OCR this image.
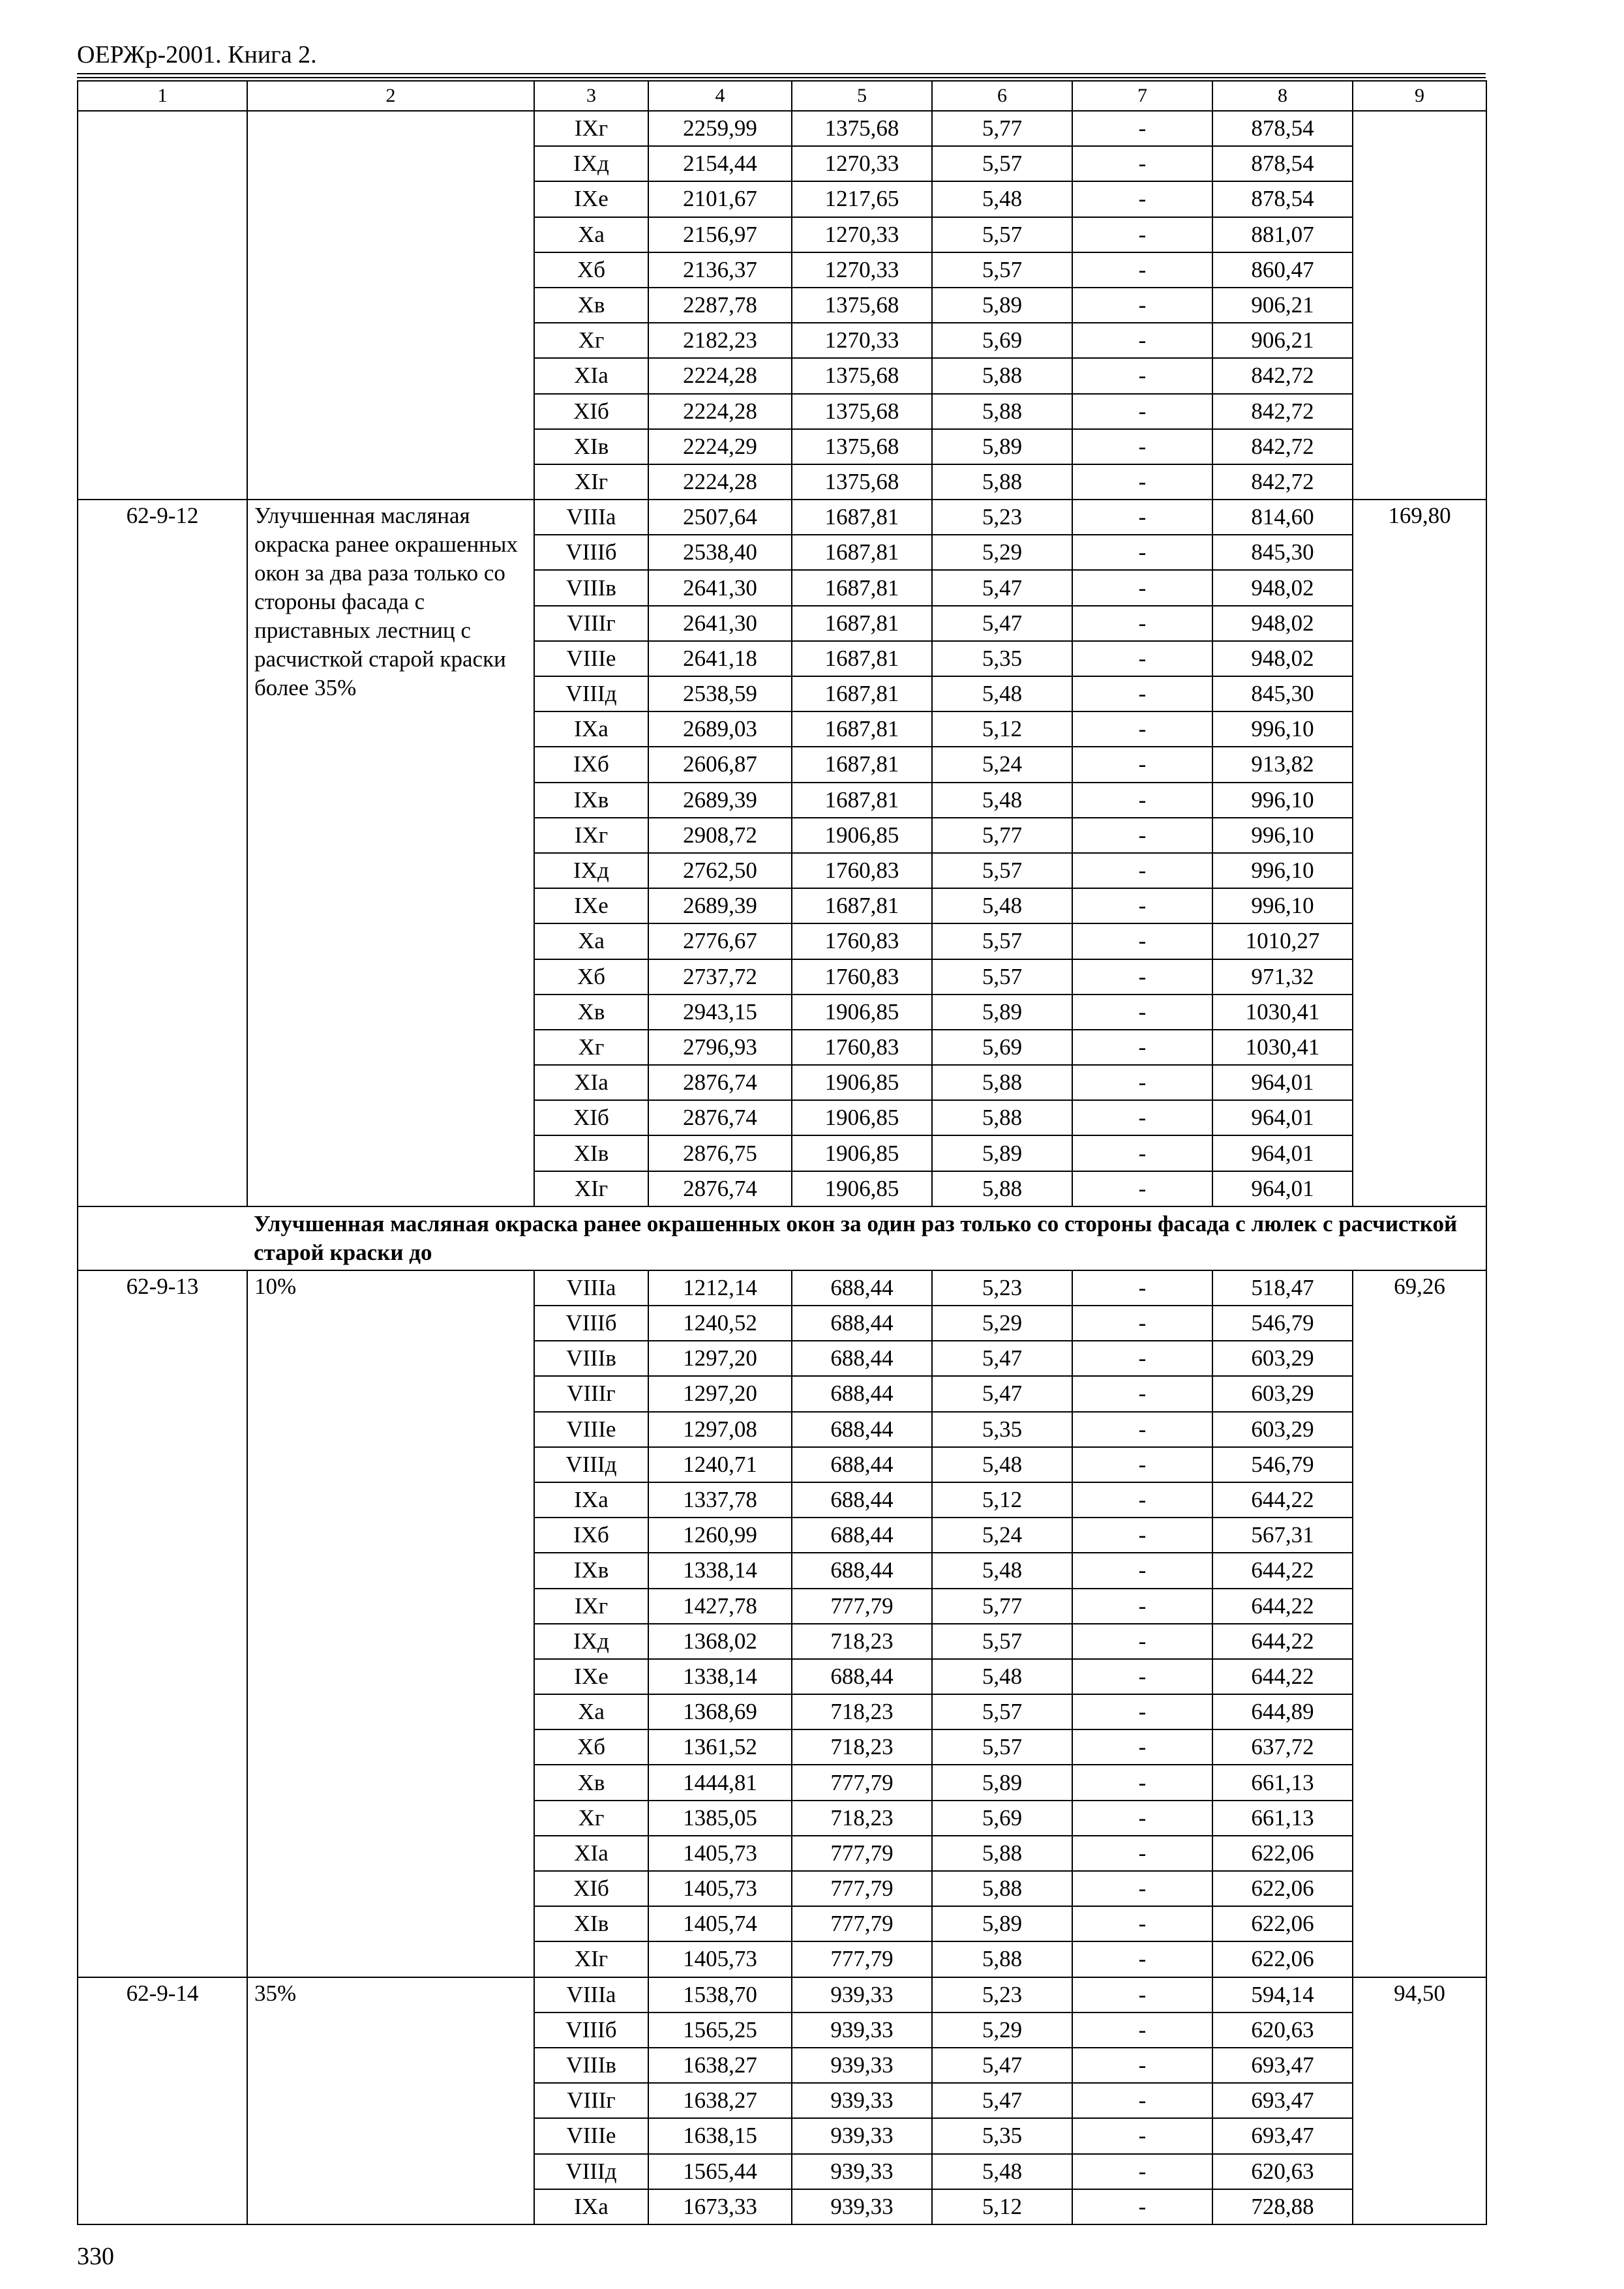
ОЕРЖр-2001. Книга 2.
1	2	3	4	5	6	7	8	9
		IXг	2259,99	1375,68	5,77	-	878,54	
		IXд	2154,44	1270,33	5,57	-	878,54	
		IXе	2101,67	1217,65	5,48	-	878,54	
		Xа	2156,97	1270,33	5,57	-	881,07	
		Xб	2136,37	1270,33	5,57	-	860,47	
		Xв	2287,78	1375,68	5,89	-	906,21	
		Xг	2182,23	1270,33	5,69	-	906,21	
		XIа	2224,28	1375,68	5,88	-	842,72	
		XIб	2224,28	1375,68	5,88	-	842,72	
		XIв	2224,29	1375,68	5,89	-	842,72	
		XIг	2224,28	1375,68	5,88	-	842,72	
62-9-12	Улучшенная масляная окраска ранее окрашенных окон за два раза только со стороны фасада с приставных лестниц с расчисткой старой краски более 35%	VIIIа	2507,64	1687,81	5,23	-	814,60	169,80
		VIIIб	2538,40	1687,81	5,29	-	845,30	
		VIIIв	2641,30	1687,81	5,47	-	948,02	
		VIIIг	2641,30	1687,81	5,47	-	948,02	
		VIIIе	2641,18	1687,81	5,35	-	948,02	
		VIIIд	2538,59	1687,81	5,48	-	845,30	
		IXа	2689,03	1687,81	5,12	-	996,10	
		IXб	2606,87	1687,81	5,24	-	913,82	
		IXв	2689,39	1687,81	5,48	-	996,10	
		IXг	2908,72	1906,85	5,77	-	996,10	
		IXд	2762,50	1760,83	5,57	-	996,10	
		IXе	2689,39	1687,81	5,48	-	996,10	
		Xа	2776,67	1760,83	5,57	-	1010,27	
		Xб	2737,72	1760,83	5,57	-	971,32	
		Xв	2943,15	1906,85	5,89	-	1030,41	
		Xг	2796,93	1760,83	5,69	-	1030,41	
		XIа	2876,74	1906,85	5,88	-	964,01	
		XIб	2876,74	1906,85	5,88	-	964,01	
		XIв	2876,75	1906,85	5,89	-	964,01	
		XIг	2876,74	1906,85	5,88	-	964,01	
	Улучшенная масляная окраска ранее окрашенных окон за один раз только со стороны фасада с люлек с расчисткой старой краски до							
62-9-13	10%	VIIIа	1212,14	688,44	5,23	-	518,47	69,26
		VIIIб	1240,52	688,44	5,29	-	546,79	
		VIIIв	1297,20	688,44	5,47	-	603,29	
		VIIIг	1297,20	688,44	5,47	-	603,29	
		VIIIе	1297,08	688,44	5,35	-	603,29	
		VIIIд	1240,71	688,44	5,48	-	546,79	
		IXа	1337,78	688,44	5,12	-	644,22	
		IXб	1260,99	688,44	5,24	-	567,31	
		IXв	1338,14	688,44	5,48	-	644,22	
		IXг	1427,78	777,79	5,77	-	644,22	
		IXд	1368,02	718,23	5,57	-	644,22	
		IXе	1338,14	688,44	5,48	-	644,22	
		Xа	1368,69	718,23	5,57	-	644,89	
		Xб	1361,52	718,23	5,57	-	637,72	
		Xв	1444,81	777,79	5,89	-	661,13	
		Xг	1385,05	718,23	5,69	-	661,13	
		XIа	1405,73	777,79	5,88	-	622,06	
		XIб	1405,73	777,79	5,88	-	622,06	
		XIв	1405,74	777,79	5,89	-	622,06	
		XIг	1405,73	777,79	5,88	-	622,06	
62-9-14	35%	VIIIа	1538,70	939,33	5,23	-	594,14	94,50
		VIIIб	1565,25	939,33	5,29	-	620,63	
		VIIIв	1638,27	939,33	5,47	-	693,47	
		VIIIг	1638,27	939,33	5,47	-	693,47	
		VIIIе	1638,15	939,33	5,35	-	693,47	
		VIIIд	1565,44	939,33	5,48	-	620,63	
		IXа	1673,33	939,33	5,12	-	728,88	
330
